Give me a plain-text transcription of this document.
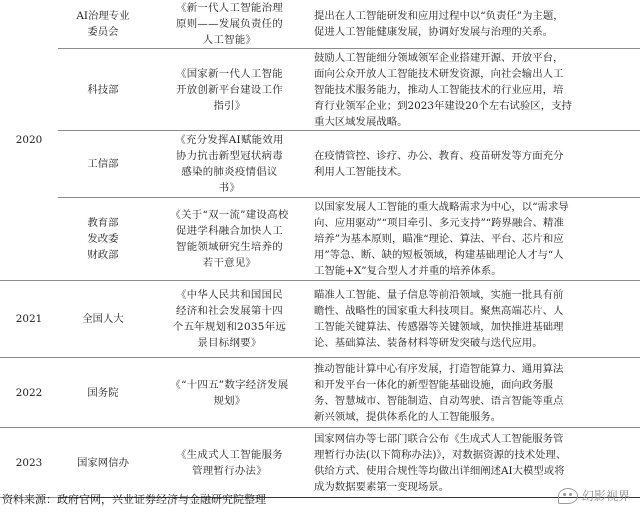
2020	AI治理专业
委员会	《新一代人工智能治理
原则——发展负责任的
人工智能》	提出在人工智能研发和应用过程中以“负责任”为主题，
促进人工智能健康发展，协调好发展与治理的关系。

	科技部	《国家新一代人工智能
开放创新平台建设工作
指引》	鼓励人工智能细分领域领军企业搭建开源、开放平台，
面向公众开放人工智能技术研发资源，向社会输出人工
智能技术服务能力，推动人工智能技术的行业应用，培
育行业领军企业；到2023年建设20个左右试验区，支持
重大区域发展战略。

	工信部	《充分发挥AI赋能效用
协力抗击新型冠状病毒
感染的肺炎疫情倡议
书》	在疫情管控、诊疗、办公、教育、疫苗研发等方面充分
利用人工智能技术。

	教育部
发改委
财政部	《关于“双一流”建设高校
促进学科融合加快人工
智能领域研究生培养的
若干意见》	以国家发展人工智能的重大战略需求为中心，以“需求导
向、应用驱动”“项目牵引、多元支持”“跨界融合、精准
培养”为基本原则，瞄准“理论、算法、平台、芯片和应
用”等急、断、缺的短板领域，构建基础理论人才与“人
工智能+X”复合型人才并重的培养体系。

2021	全国人大	《中华人民共和国国民
经济和社会发展第十四
个五年规划和2035年远
景目标纲要》	瞄准人工智能、量子信息等前沿领域，实施一批具有前
瞻性、战略性的国家重大科技项目。聚焦高端芯片、人
工智能关键算法、传感器等关键领域，加快推进基础理
论、基础算法、装备材料等研发突破与迭代应用。

2022	国务院	《“十四五”数字经济发展
规划》	推动智能计算中心有序发展，打造智能算力、通用算法
和开发平台一体化的新型智能基础设施，面向政务服
务、智慧城市、智能制造、自动驾驶、语言智能等重点
新兴领域，提供体系化的人工智能服务。

2023	国家网信办	《生成式人工智能服务
管理暂行办法》	国家网信办等七部门联合公布《生成式人工智能服务管
理暂行办法(以下简称办法)》，对数据资源的技术处理、
供给方式、使用合规性等均做出详细阐述AI大模型或将
成为数据要素第一变现场景。
资料来源：政府官网，兴业证券经济与金融研究院整理	幻影视界
